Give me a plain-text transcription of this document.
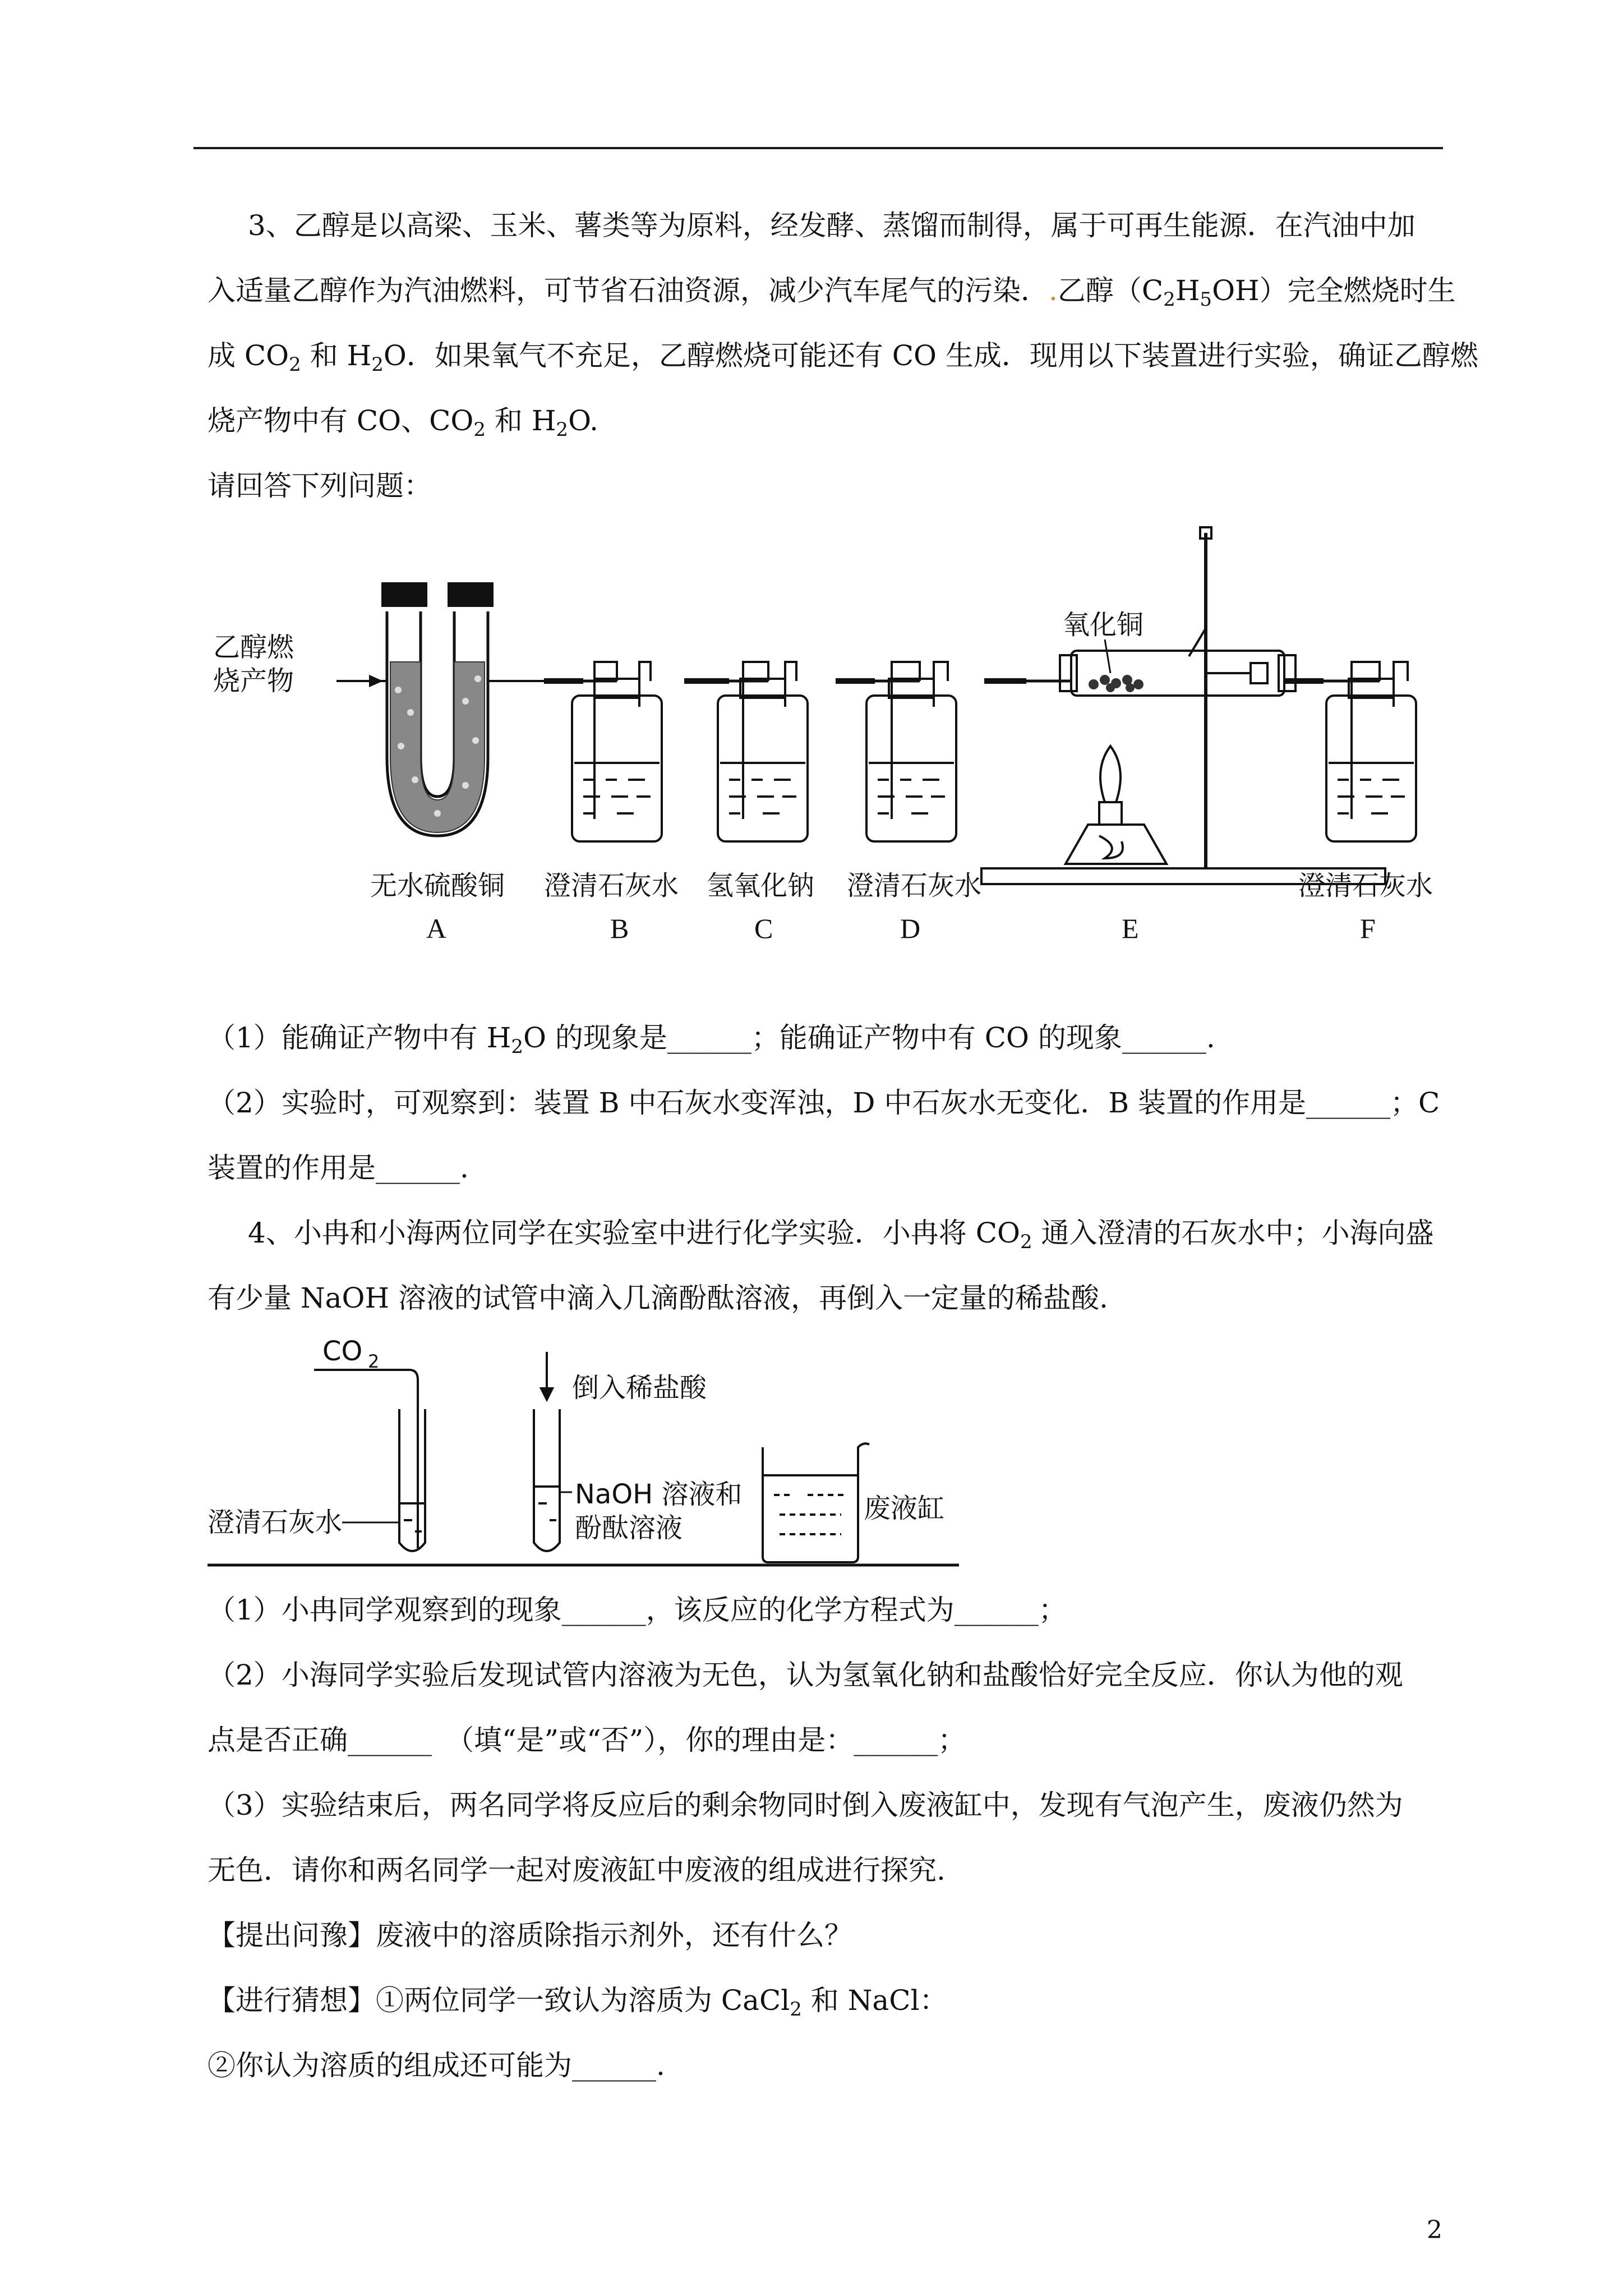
3、乙醇是以高梁、玉米、薯类等为原料，经发酵、蒸馏而制得，属于可再生能源．在汽油中加

入适量乙醇作为汽油燃料，可节省石油资源，减少汽车尾气的污染．.乙醇$(C_2H_5OH)$完全燃烧时生

成 $CO_2$ 和 $H_2O$．如果氧气不充足，乙醇燃烧可能还有 CO 生成．现用以下装置进行实验，确证乙醇燃

烧产物中有 CO、$CO_2$ 和 $H_2O$.

请回答下列问题：

乙醇燃
烧产物
氧化铜
无水硫酸铜 澄清石灰水 氢氧化钠 澄清石灰水	澄清石灰水
A	B	C	D	E	F

（1）能确证产物中有 $H_2O$ 的现象是______；能确证产物中有 CO 的现象______.

（2）实验时，可观察到：装置 B 中石灰水变浑浊，D 中石灰水无变化．B 装置的作用是______；C

装置的作用是______.

4、小冉和小海两位同学在实验室中进行化学实验．小冉将 $CO_2$ 通入澄清的石灰水中；小海向盛

有少量 NaOH 溶液的试管中滴入几滴酚酞溶液，再倒入一定量的稀盐酸.

CO 2
澄清石灰水
倒入稀盐酸
NaOH 溶液和
酚酞溶液
废液缸

（1）小冉同学观察到的现象______，该反应的化学方程式为______；

（2）小海同学实验后发现试管内溶液为无色，认为氢氧化钠和盐酸恰好完全反应．你认为他的观

点是否正确______　（填“是”或“否”），你的理由是：______；

（3）实验结束后，两名同学将反应后的剩余物同时倒入废液缸中，发现有气泡产生，废液仍然为

无色．请你和两名同学一起对废液缸中废液的组成进行探究.

【提出问豫】废液中的溶质除指示剂外，还有什么？

【进行猜想】①两位同学一致认为溶质为 CaCl$_2$ 和 NaCl：

②你认为溶质的组成还可能为______.

2
